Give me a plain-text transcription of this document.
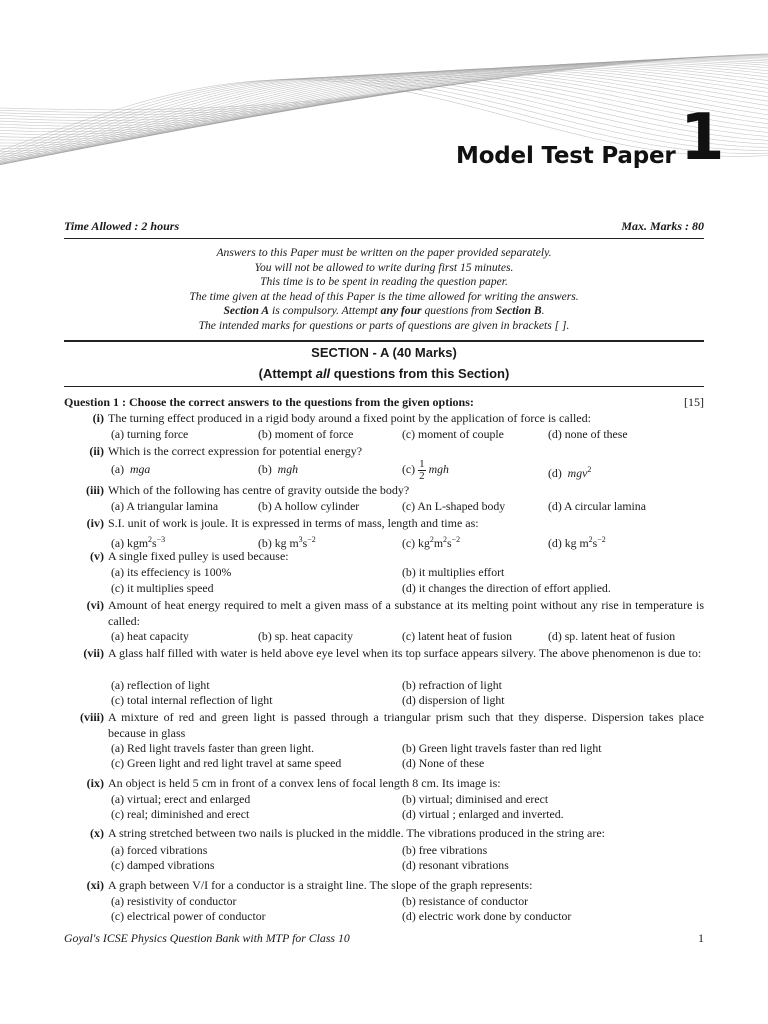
Model Test Paper 1
Time Allowed : 2 hours	Max. Marks : 80
Answers to this Paper must be written on the paper provided separately.
You will not be allowed to write during first 15 minutes.
This time is to be spent in reading the question paper.
The time given at the head of this Paper is the time allowed for writing the answers.
Section A is compulsory. Attempt any four questions from Section B.
The intended marks for questions or parts of questions are given in brackets [ ].
SECTION - A (40 Marks)
(Attempt all questions from this Section)
Question 1 : Choose the correct answers to the questions from the given options:	[15]
(i) The turning effect produced in a rigid body around a fixed point by the application of force is called:
(a) turning force	(b) moment of force	(c) moment of couple	(d) none of these
(ii) Which is the correct expression for potential energy?
(a) mga	(b) mgh	$(c) \frac{1}{2}$ mgh	(d) mgv$^2$
(iii) Which of the following has centre of gravity outside the body?
(a) A triangular lamina	(b) A hollow cylinder	(c) An L-shaped body	(d) A circular lamina
(iv) S.I. unit of work is joule. It is expressed in terms of mass, length and time as:
(a) $kgm^2s^{-3}$	(b) kg $m^3s^{-2}$	(c) $kg^2m^2s^{-2}$	(d) kg $m^2s^{-2}$
(v) A single fixed pulley is used because:
(a) its effeciency is 100%	(b) it multiplies effort
(c) it multiplies speed	(d) it changes the direction of effort applied.
(vi) Amount of heat energy required to melt a given mass of a substance at its melting point without any rise in temperature is called:
(a) heat capacity	(b) sp. heat capacity	(c) latent heat of fusion	(d) sp. latent heat of fusion
(vii) A glass half filled with water is held above eye level when its top surface appears silvery. The above phenomenon is due to:
(a) reflection of light	(b) refraction of light
(c) total internal reflection of light	(d) dispersion of light
(viii) A mixture of red and green light is passed through a triangular prism such that they disperse. Dispersion takes place because in glass
(a) Red light travels faster than green light.	(b) Green light travels faster than red light
(c) Green light and red light travel at same speed	(d) None of these
(ix) An object is held 5 cm in front of a convex lens of focal length 8 cm. Its image is:
(a) virtual; erect and enlarged	(b) virtual; diminised and erect
(c) real; diminished and erect	(d) virtual ; enlarged and inverted.
(x) A string stretched between two nails is plucked in the middle. The vibrations produced in the string are:
(a) forced vibrations	(b) free vibrations
(c) damped vibrations	(d) resonant vibrations
(xi) A graph between V/I for a conductor is a straight line. The slope of the graph represents:
(a) resistivity of conductor	(b) resistance of conductor
(c) electrical power of conductor	(d) electric work done by conductor
Goyal's ICSE Physics Question Bank with MTP for Class 10	1
